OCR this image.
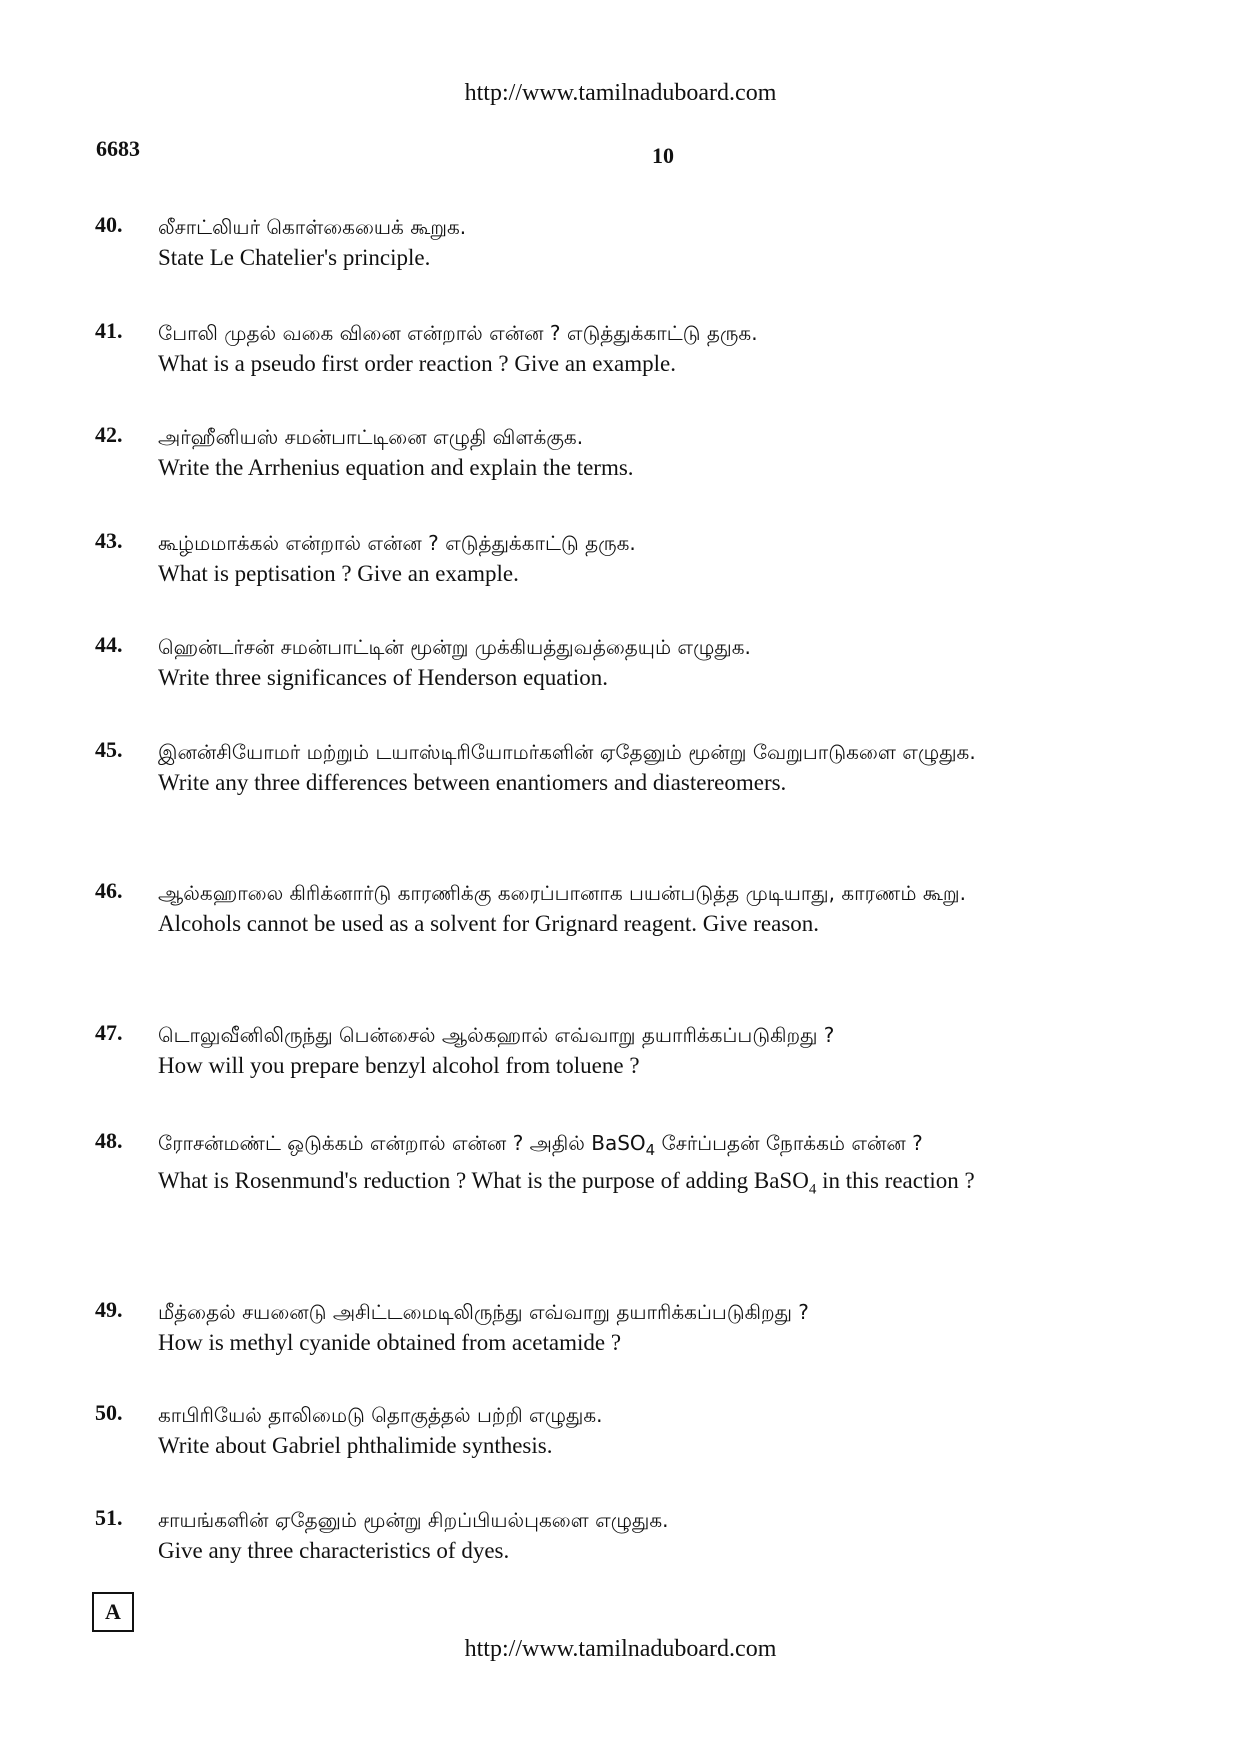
http://www.tamilnaduboard.com
6683	10
40.	லீசாட்லியர் கொள்கையைக் கூறுக.
State Le Chatelier's principle.
41.	போலி முதல் வகை வினை என்றால் என்ன ? எடுத்துக்காட்டு தருக.
What is a pseudo first order reaction ? Give an example.
42.	அர்ஹீனியஸ் சமன்பாட்டினை எழுதி விளக்குக.
Write the Arrhenius equation and explain the terms.
43.	கூழ்மமாக்கல் என்றால் என்ன ? எடுத்துக்காட்டு தருக.
What is peptisation ? Give an example.
44.	ஹென்டர்சன் சமன்பாட்டின் மூன்று முக்கியத்துவத்தையும் எழுதுக.
Write three significances of Henderson equation.
45.	இனன்சியோமர் மற்றும் டயாஸ்டிரியோமர்களின் ஏதேனும் மூன்று வேறுபாடுகளை எழுதுக.
Write any three differences between enantiomers and diastereomers.
46.	ஆல்கஹாலை கிரிக்னார்டு காரணிக்கு கரைப்பானாக பயன்படுத்த முடியாது, காரணம் கூறு.
Alcohols cannot be used as a solvent for Grignard reagent. Give reason.
47.	டொலுவீனிலிருந்து பென்சைல் ஆல்கஹால் எவ்வாறு தயாரிக்கப்படுகிறது ?
How will you prepare benzyl alcohol from toluene ?
48.	ரோசன்மண்ட் ஒடுக்கம் என்றால் என்ன ? அதில் BaSO$_4$ சேர்ப்பதன் நோக்கம் என்ன ?
What is Rosenmund's reduction ? What is the purpose of adding BaSO$_4$ in this reaction ?
49.	மீத்தைல் சயனைடு அசிட்டமைடிலிருந்து எவ்வாறு தயாரிக்கப்படுகிறது ?
How is methyl cyanide obtained from acetamide ?
50.	காபிரியேல் தாலிமைடு தொகுத்தல் பற்றி எழுதுக.
Write about Gabriel phthalimide synthesis.
51.	சாயங்களின் ஏதேனும் மூன்று சிறப்பியல்புகளை எழுதுக.
Give any three characteristics of dyes.
A
http://www.tamilnaduboard.com
